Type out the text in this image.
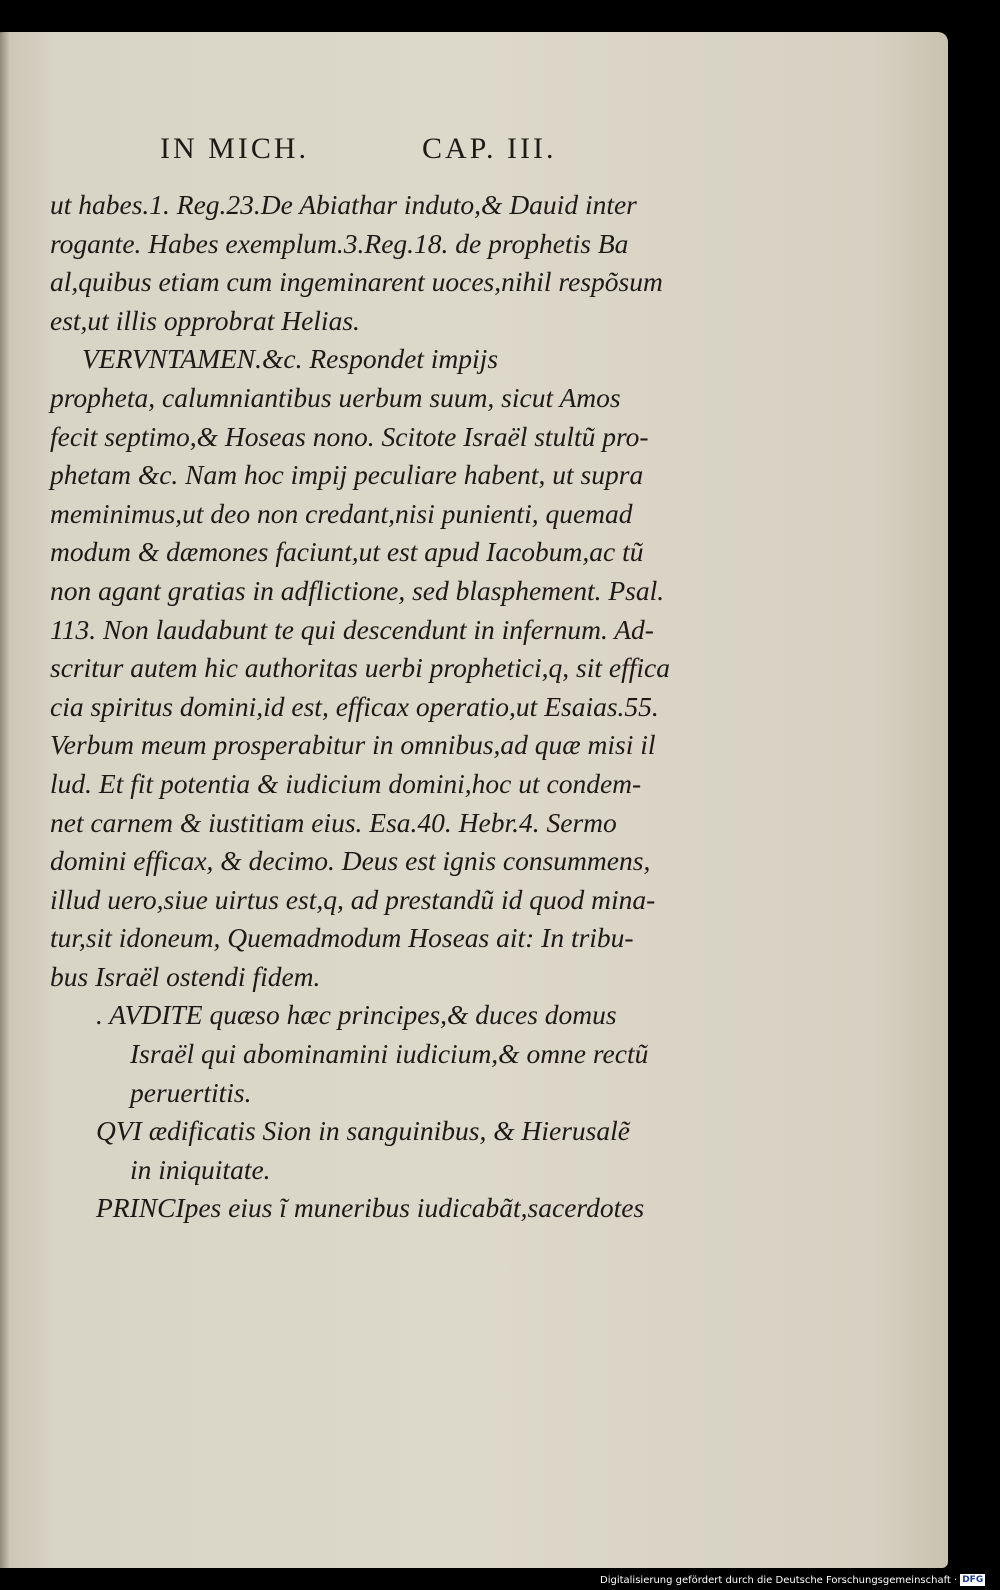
IN MICH.	CAP. III.
ut habes.1. Reg.23.De Abiathar induto,& Dauid inter
rogante. Habes exemplum.3.Reg.18. de prophetis Ba
al,quibus etiam cum ingeminarent uoces,nihil respõsum
est,ut illis opprobrat Helias.
VERVNTAMEN.&c. Respondet impijs
propheta, calumniantibus uerbum suum, sicut Amos
fecit septimo,& Hoseas nono. Scitote Israël stultũ pro-
phetam &c. Nam hoc impij peculiare habent, ut supra
meminimus,ut deo non credant,nisi punienti, quemad
modum & dæmones faciunt,ut est apud Iacobum,ac tũ
non agant gratias in adflictione, sed blasphement. Psal.
113. Non laudabunt te qui descendunt in infernum. Ad-
scritur autem hic authoritas uerbi prophetici,q, sit effica
cia spiritus domini,id est, efficax operatio,ut Esaias.55.
Verbum meum prosperabitur in omnibus,ad quæ misi il
lud. Et fit potentia & iudicium domini,hoc ut condem-
net carnem & iustitiam eius. Esa.40. Hebr.4. Sermo
domini efficax, & decimo. Deus est ignis consummens,
illud uero,siue uirtus est,q, ad prestandũ id quod mina-
tur,sit idoneum, Quemadmodum Hoseas ait: In tribu-
bus Israël ostendi fidem.
. AVDITE quæso hæc principes,& duces domus
Israël qui abominamini iudicium,& omne rectũ
peruertitis.
QVI ædificatis Sion in sanguinibus, & Hierusalẽ
in iniquitate.
PRINCIpes eius ĩ muneribus iudicabãt,sacerdotes
Digitalisierung gefördert durch die Deutsche Forschungsgemeinschaft · DFG
